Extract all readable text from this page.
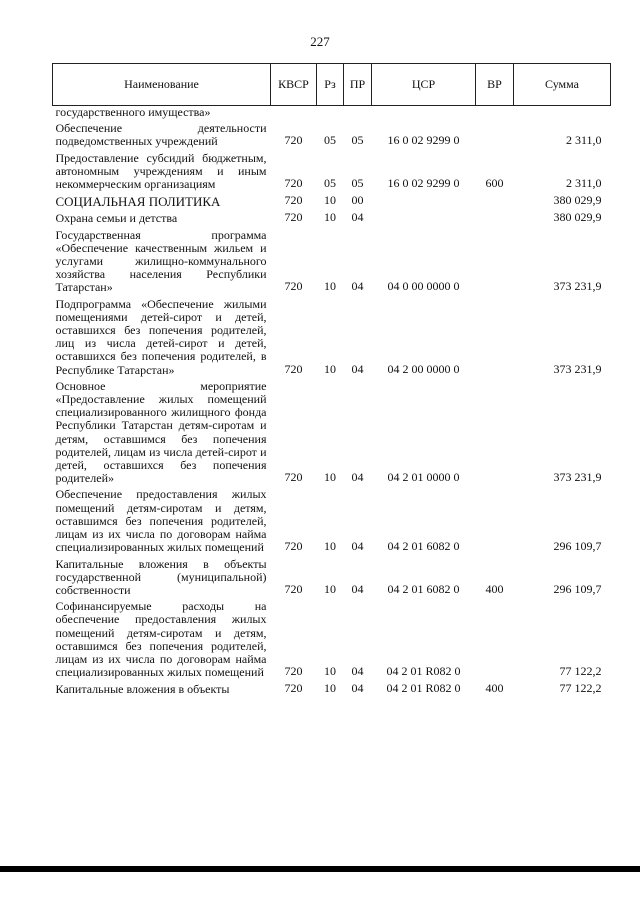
227
Наименование	КВСР	Рз	ПР	ЦСР	ВР	Сумма
государственного имущества»						
Обеспечение деятельности подведомственных учреждений	720	05	05	16 0 02 9299 0		2 311,0
Предоставление субсидий бюджетным, автономным учреждениям и иным некоммерческим организациям	720	05	05	16 0 02 9299 0	600	2 311,0
СОЦИАЛЬНАЯ ПОЛИТИКА	720	10	00			380 029,9
Охрана семьи и детства	720	10	04			380 029,9
Государственная программа «Обеспечение качественным жильем и услугами жилищно-коммунального хозяйства населения Республики Татарстан»	720	10	04	04 0 00 0000 0		373 231,9
Подпрограмма «Обеспечение жилыми помещениями детей-сирот и детей, оставшихся без попечения родителей, лиц из числа детей-сирот и детей, оставшихся без попечения родителей, в Республике Татарстан»	720	10	04	04 2 00 0000 0		373 231,9
Основное мероприятие «Предоставление жилых помещений специализированного жилищного фонда Республики Татарстан детям-сиротам и детям, оставшимся без попечения родителей, лицам из числа детей-сирот и детей, оставшихся без попечения родителей»	720	10	04	04 2 01 0000 0		373 231,9
Обеспечение предоставления жилых помещений детям-сиротам и детям, оставшимся без попечения родителей, лицам из их числа по договорам найма специализированных жилых помещений	720	10	04	04 2 01 6082 0		296 109,7
Капитальные вложения в объекты государственной (муниципальной) собственности	720	10	04	04 2 01 6082 0	400	296 109,7
Софинансируемые расходы на обеспечение предоставления жилых помещений детям-сиротам и детям, оставшимся без попечения родителей, лицам из их числа по договорам найма специализированных жилых помещений	720	10	04	04 2 01 R082 0		77 122,2
Капитальные вложения в объекты	720	10	04	04 2 01 R082 0	400	77 122,2
